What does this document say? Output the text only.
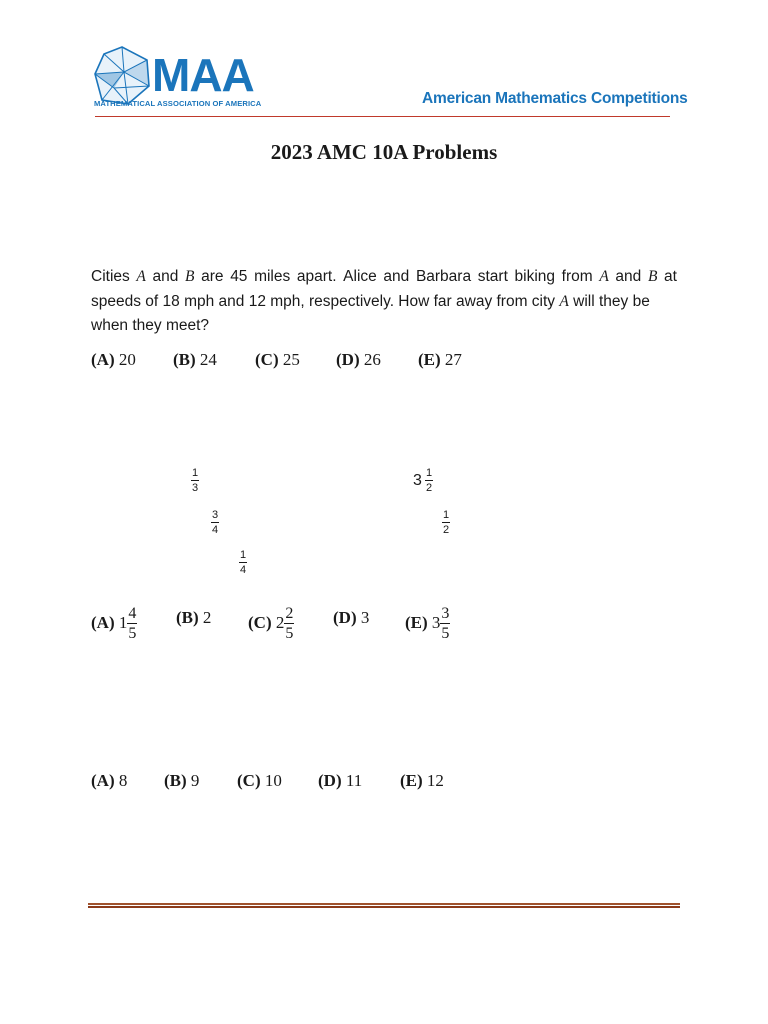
MAA
MATHEMATICAL ASSOCIATION OF AMERICA	American Mathematics Competitions
2023 AMC 10A Problems
Cities A and B are 45 miles apart. Alice and Barbara start biking from A and B at
speeds of 18 mph and 12 mph, respectively. How far away from city A will they be
when they meet?
(A) 20 (B) 24 (C) 25 (D) 26 (E) 27
$\frac{1}{3}$
$\frac{3}{4}$
$\frac{1}{4}$
$3 \frac{1}{2}$
$\frac{1}{2}$
(A) $1 \frac{4}{5} (B)$ 2 (C) $2 \frac{2}{5} (D)$ 3 (E) $3 \frac{3}{5}$
(A) 8 (B) 9 (C) 10 (D) 11 (E) 12
